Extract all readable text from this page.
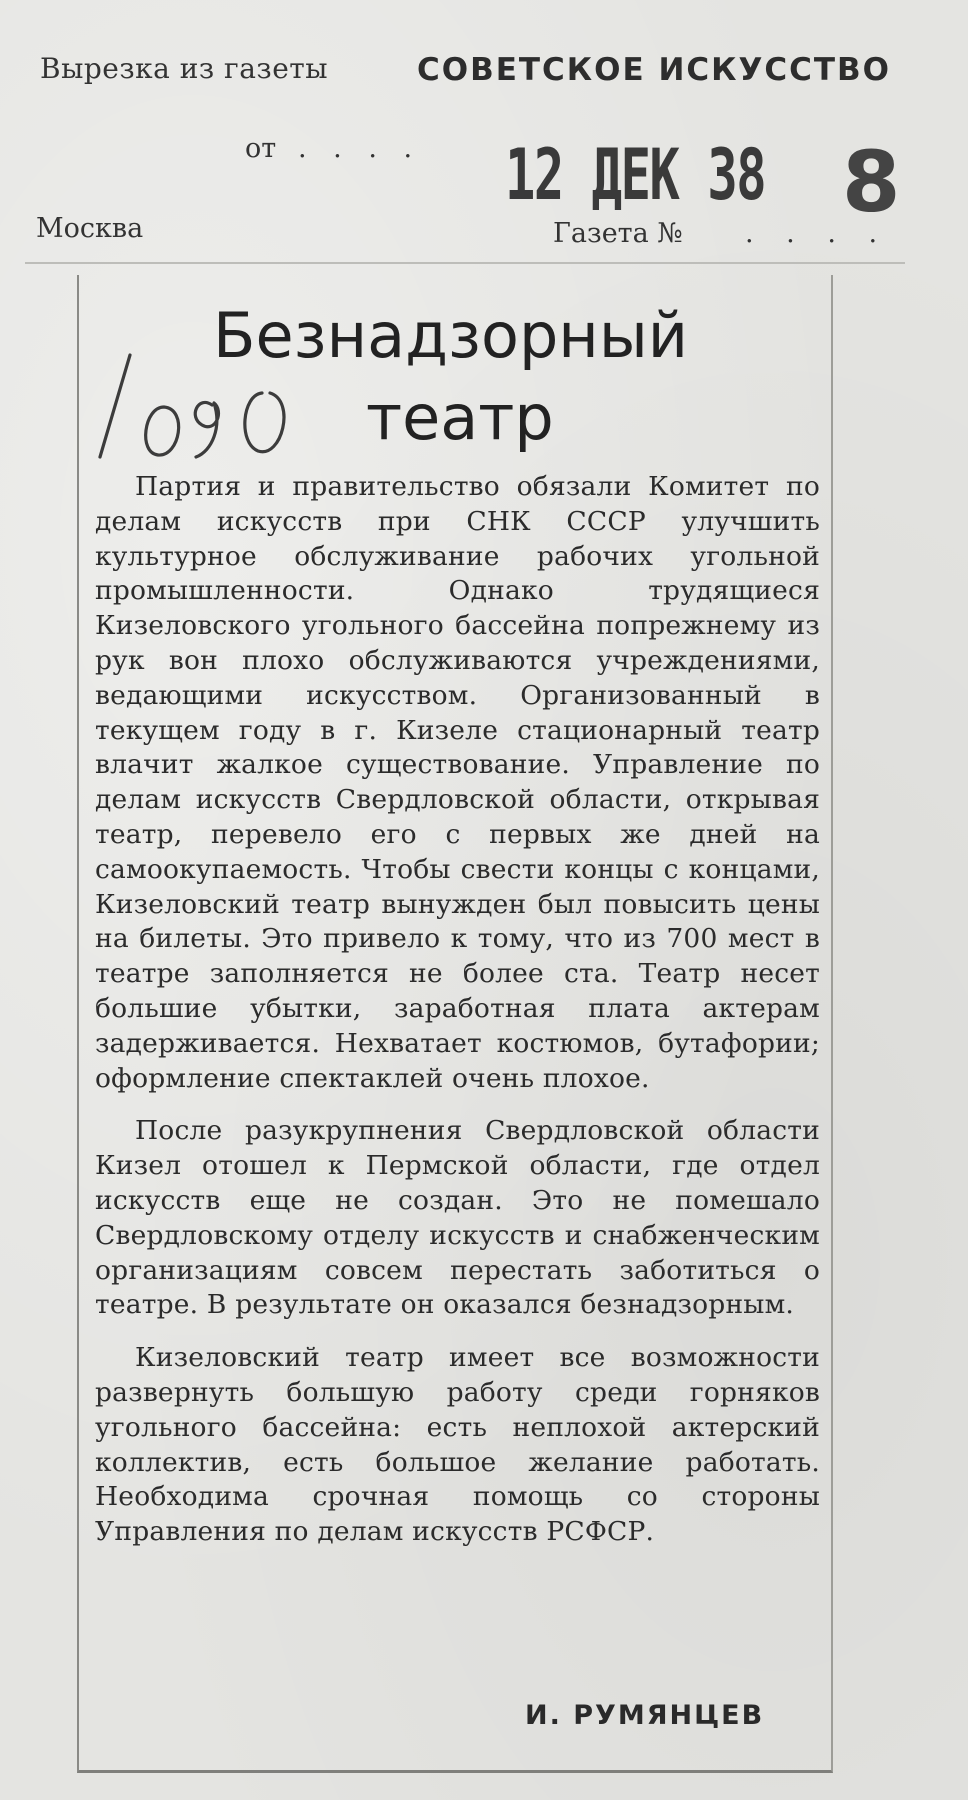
Вырезка из газеты	СОВЕТСКОЕ ИСКУССТВО
от . . . . 12 ДЕК 38 8
Москва	Газета № . . . .
Безнадзорный
театр
1020

Партия и правительство обязали Комитет по делам искусств при СНК СССР улучшить культурное обслуживание рабочих угольной промышленности. Однако трудящиеся Кизеловского угольного бассейна попрежнему из рук вон плохо обслуживаются учреждениями, ведающими искусством. Организованный в текущем году в г. Кизеле стационарный театр влачит жалкое существование. Управление по делам искусств Свердловской области, открывая театр, перевело его с первых же дней на самоокупаемость. Чтобы свести концы с концами, Кизеловский театр вынужден был повысить цены на билеты. Это привело к тому, что из 700 мест в театре заполняется не более ста. Театр несет большие убытки, заработная плата актерам задерживается. Нехватает костюмов, бутафории; оформление спектаклей очень плохое.

После разукрупнения Свердловской области Кизел отошел к Пермской области, где отдел искусств еще не создан. Это не помешало Свердловскому отделу искусств и снабженческим организациям совсем перестать заботиться о театре. В результате он оказался безнадзорным.

Кизеловский театр имеет все возможности развернуть большую работу среди горняков угольного бассейна: есть неплохой актерский коллектив, есть большое желание работать. Необходима срочная помощь со стороны Управления по делам искусств РСФСР.

И. РУМЯНЦЕВ
